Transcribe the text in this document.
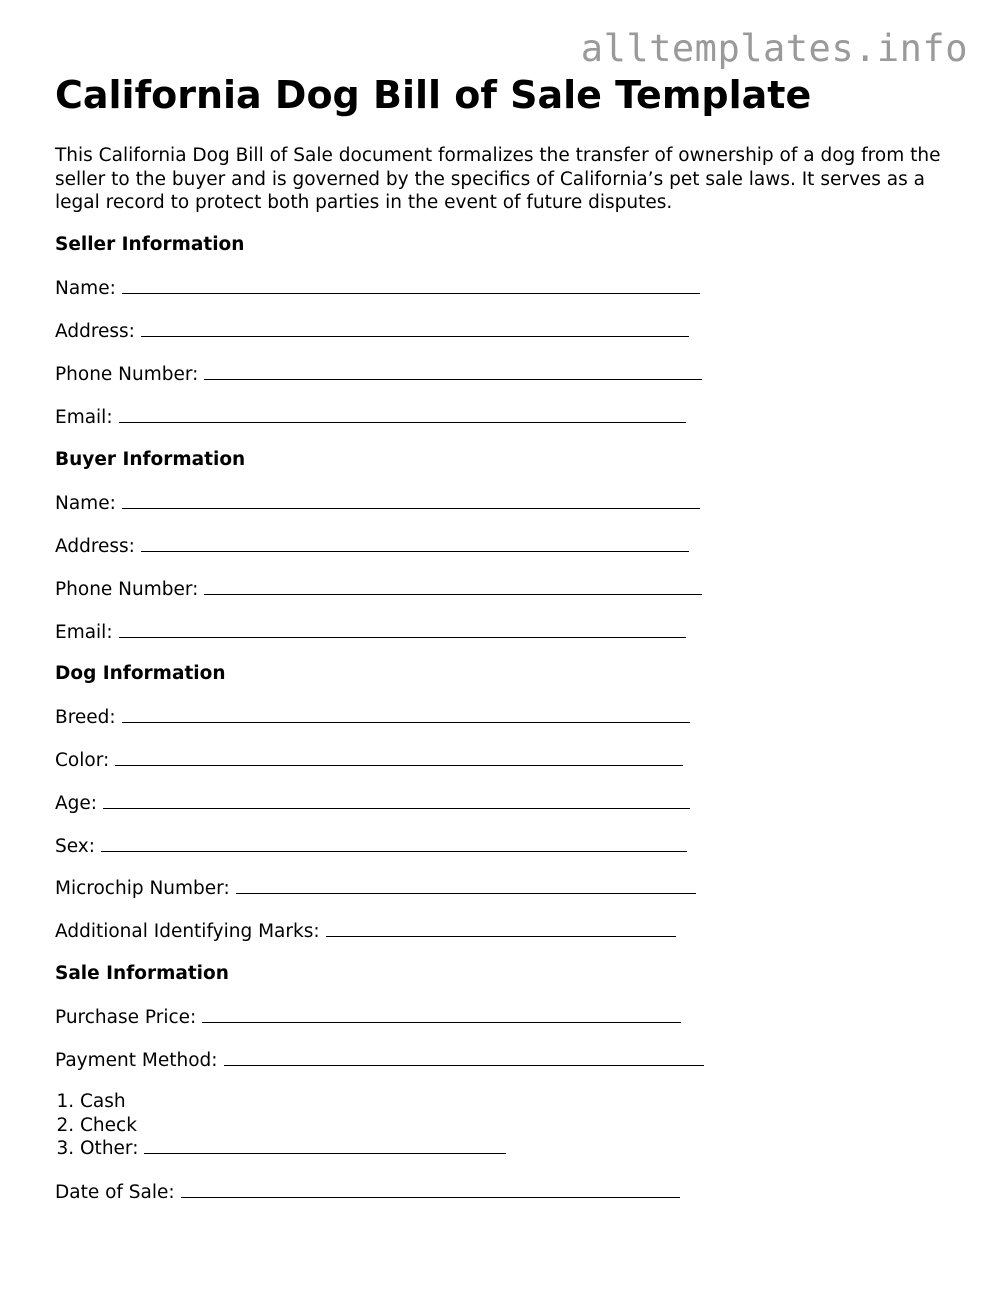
alltemplates.info
California Dog Bill of Sale Template

This California Dog Bill of Sale document formalizes the transfer of ownership of a dog from the seller to the buyer and is governed by the specifics of California’s pet sale laws. It serves as a legal record to protect both parties in the event of future disputes.

Seller Information
Name:
Address:
Phone Number:
Email:
Buyer Information
Name:
Address:
Phone Number:
Email:
Dog Information
Breed:
Color:
Age:
Sex:
Microchip Number:
Additional Identifying Marks:
Sale Information
Purchase Price:
Payment Method:
1. Cash
2. Check
3. Other:
Date of Sale:
